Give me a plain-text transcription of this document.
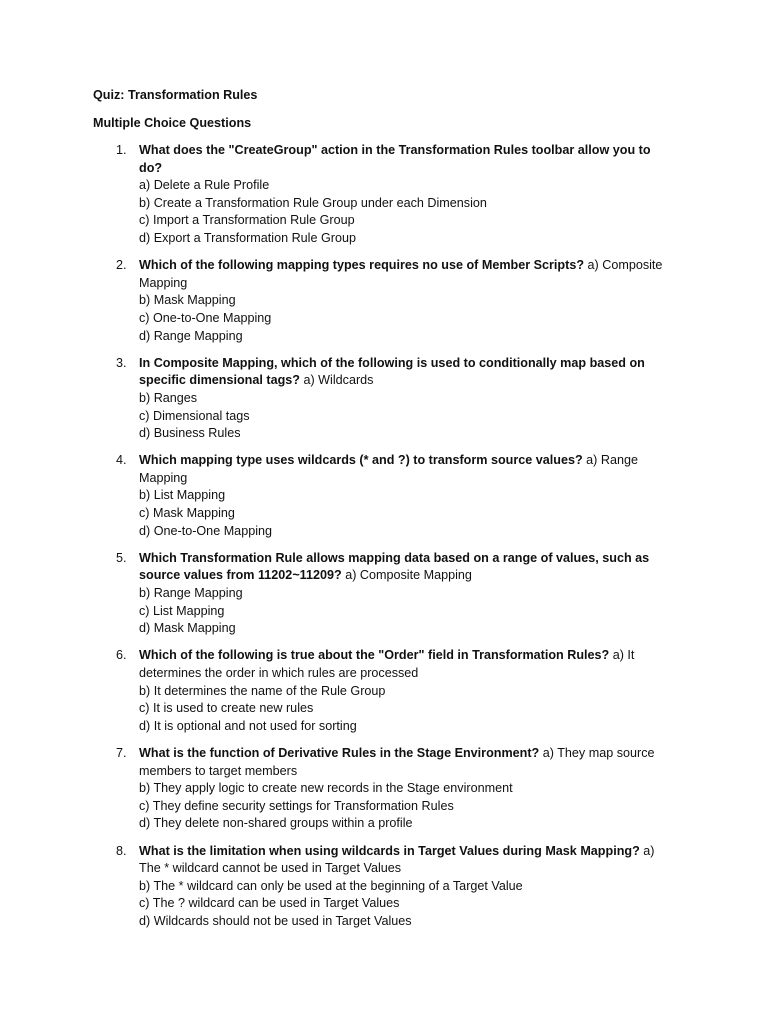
Quiz: Transformation Rules

Multiple Choice Questions

1. What does the "CreateGroup" action in the Transformation Rules toolbar allow you to do?
a) Delete a Rule Profile
b) Create a Transformation Rule Group under each Dimension
c) Import a Transformation Rule Group
d) Export a Transformation Rule Group
2. Which of the following mapping types requires no use of Member Scripts? a) Composite Mapping
b) Mask Mapping
c) One-to-One Mapping
d) Range Mapping
3. In Composite Mapping, which of the following is used to conditionally map based on specific dimensional tags? a) Wildcards
b) Ranges
c) Dimensional tags
d) Business Rules
4. Which mapping type uses wildcards (* and ?) to transform source values? a) Range Mapping
b) List Mapping
c) Mask Mapping
d) One-to-One Mapping
5. Which Transformation Rule allows mapping data based on a range of values, such as source values from 11202~11209? a) Composite Mapping
b) Range Mapping
c) List Mapping
d) Mask Mapping
6. Which of the following is true about the "Order" field in Transformation Rules? a) It determines the order in which rules are processed
b) It determines the name of the Rule Group
c) It is used to create new rules
d) It is optional and not used for sorting
7. What is the function of Derivative Rules in the Stage Environment? a) They map source members to target members
b) They apply logic to create new records in the Stage environment
c) They define security settings for Transformation Rules
d) They delete non-shared groups within a profile
8. What is the limitation when using wildcards in Target Values during Mask Mapping? a) The * wildcard cannot be used in Target Values
b) The * wildcard can only be used at the beginning of a Target Value
c) The ? wildcard can be used in Target Values
d) Wildcards should not be used in Target Values
